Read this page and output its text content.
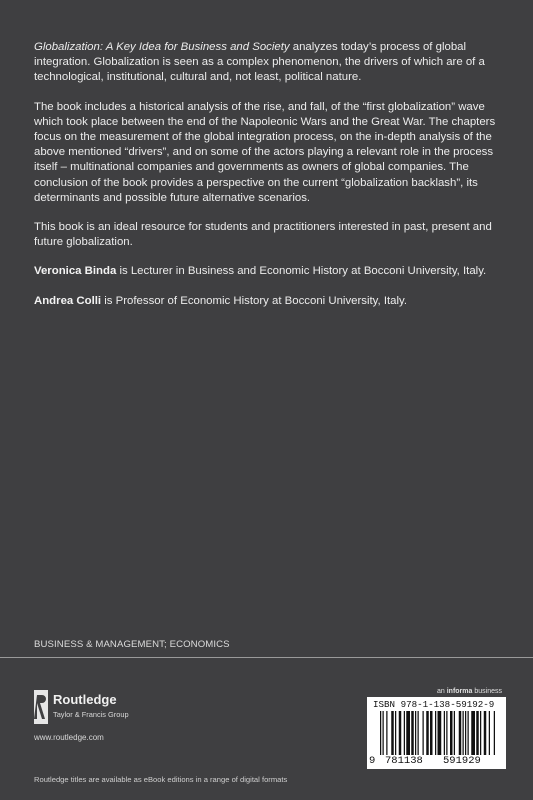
Globalization: A Key Idea for Business and Society analyzes today’s process of global integration. Globalization is seen as a complex phenomenon, the drivers of which are of a technological, institutional, cultural and, not least, political nature.

The book includes a historical analysis of the rise, and fall, of the “first globalization” wave which took place between the end of the Napoleonic Wars and the Great War. The chapters focus on the measurement of the global integration process, on the in-depth analysis of the above mentioned “drivers”, and on some of the actors playing a relevant role in the process itself – multinational companies and governments as owners of global companies. The conclusion of the book provides a perspective on the current “globalization backlash”, its determinants and possible future alternative scenarios.

This book is an ideal resource for students and practitioners interested in past, present and future globalization.

Veronica Binda is Lecturer in Business and Economic History at Bocconi University, Italy.

Andrea Colli is Professor of Economic History at Bocconi University, Italy.

BUSINESS & MANAGEMENT; ECONOMICS
Routledge
Taylor & Francis Group
www.routledge.com
Routledge titles are available as eBook editions in a range of digital formats
an informa business
ISBN 978-1-138-59192-9
9 781138 591929
